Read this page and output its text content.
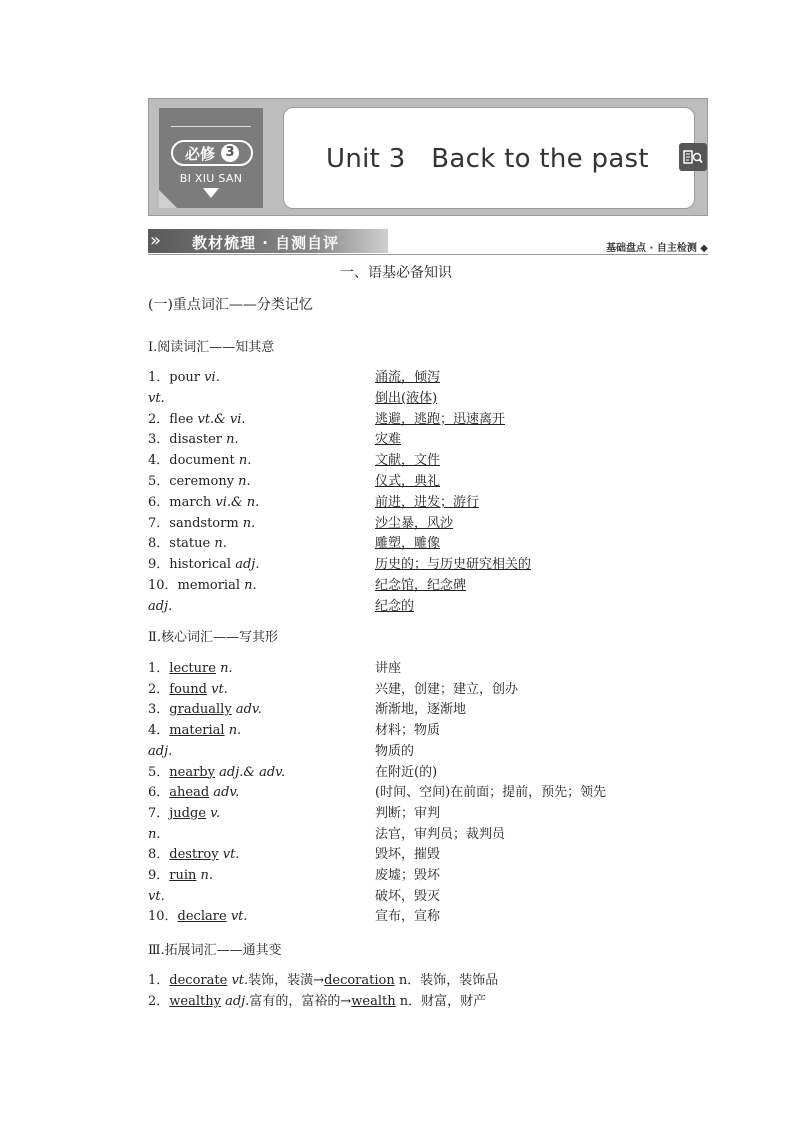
必修 3
BI XIU SAN
Unit 3   Back to the past
» 教材梳理 · 自测自评	基础盘点 · 自主检测 ◆
一、语基必备知识
(一)重点词汇——分类记忆
Ⅰ.阅读词汇——知其意
1．pour vi．	涌流，倾泻
vt.	倒出(液体)
2．flee vt.& vi.	逃避，逃跑；迅速离开
3．disaster n.	灾难
4．document n.	文献，文件
5．ceremony n.	仪式，典礼
6．march vi.& n.	前进，进发；游行
7．sandstorm n.	沙尘暴，风沙
8．statue n.	雕塑，雕像
9．historical adj.	历史的；与历史研究相关的
10．memorial n.	纪念馆，纪念碑
adj.	纪念的
Ⅱ.核心词汇——写其形
1．lecture n.	讲座
2．found vt.	兴建，创建；建立，创办
3．gradually adv.	渐渐地，逐渐地
4．material n.	材料；物质
adj.	物质的
5．nearby adj.& adv.	在附近(的)
6．ahead adv.	(时间、空间)在前面；提前，预先；领先
7．judge v.	判断；审判
n.	法官，审判员；裁判员
8．destroy vt.	毁坏，摧毁
9．ruin n.	废墟；毁坏
vt.	破坏，毁灭
10．declare vt.	宣布，宣称
Ⅲ.拓展词汇——通其变
1．decorate vt.装饰，装潢→decoration n．装饰，装饰品
2．wealthy adj.富有的，富裕的→wealth n．财富，财产
